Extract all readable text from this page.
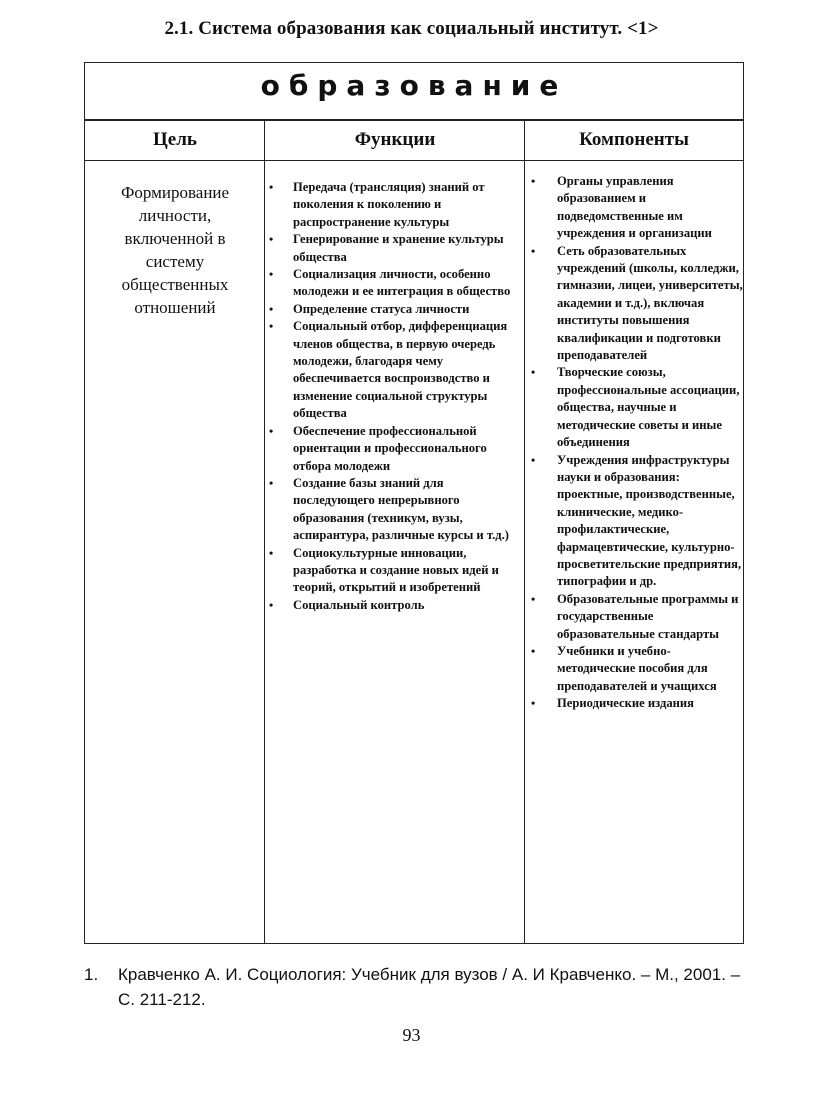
2.1. Система образования как социальный институт. <1>
образование
Цель	Функции	Компоненты
Формирование личности, включенной в систему общественных отношений
• Передача (трансляция) знаний от поколения к поколению и распространение культуры
• Генерирование и хранение культуры общества
• Социализация личности, особенно молодежи и ее интеграция в общество
• Определение статуса личности
• Социальный отбор, дифференциация членов общества, в первую очередь молодежи, благодаря чему обеспечивается воспроизводство и изменение социальной структуры общества
• Обеспечение профессиональной ориентации и профессионального отбора молодежи
• Создание базы знаний для последующего непрерывного образования (техникум, вузы, аспирантура, различные курсы и т.д.)
• Социокультурные инновации, разработка и создание новых идей и теорий, открытий и изобретений
• Социальный контроль
• Органы управления образованием и подведомственные им учреждения и организации
• Сеть образовательных учреждений (школы, колледжи, гимназии, лицеи, университеты, академии и т.д.), включая институты повышения квалификации и подготовки преподавателей
• Творческие союзы, профессиональные ассоциации, общества, научные и методические советы и иные объединения
• Учреждения инфраструктуры науки и образования: проектные, производственные, клинические, медико-профилактические, фармацевтические, культурно-просветительские предприятия, типографии и др.
• Образовательные программы и государственные образовательные стандарты
• Учебники и учебно-методические пособия для преподавателей и учащихся
• Периодические издания
1. Кравченко А. И. Социология: Учебник для вузов / А. И Кравченко. – М., 2001. – С. 211-212.
93
